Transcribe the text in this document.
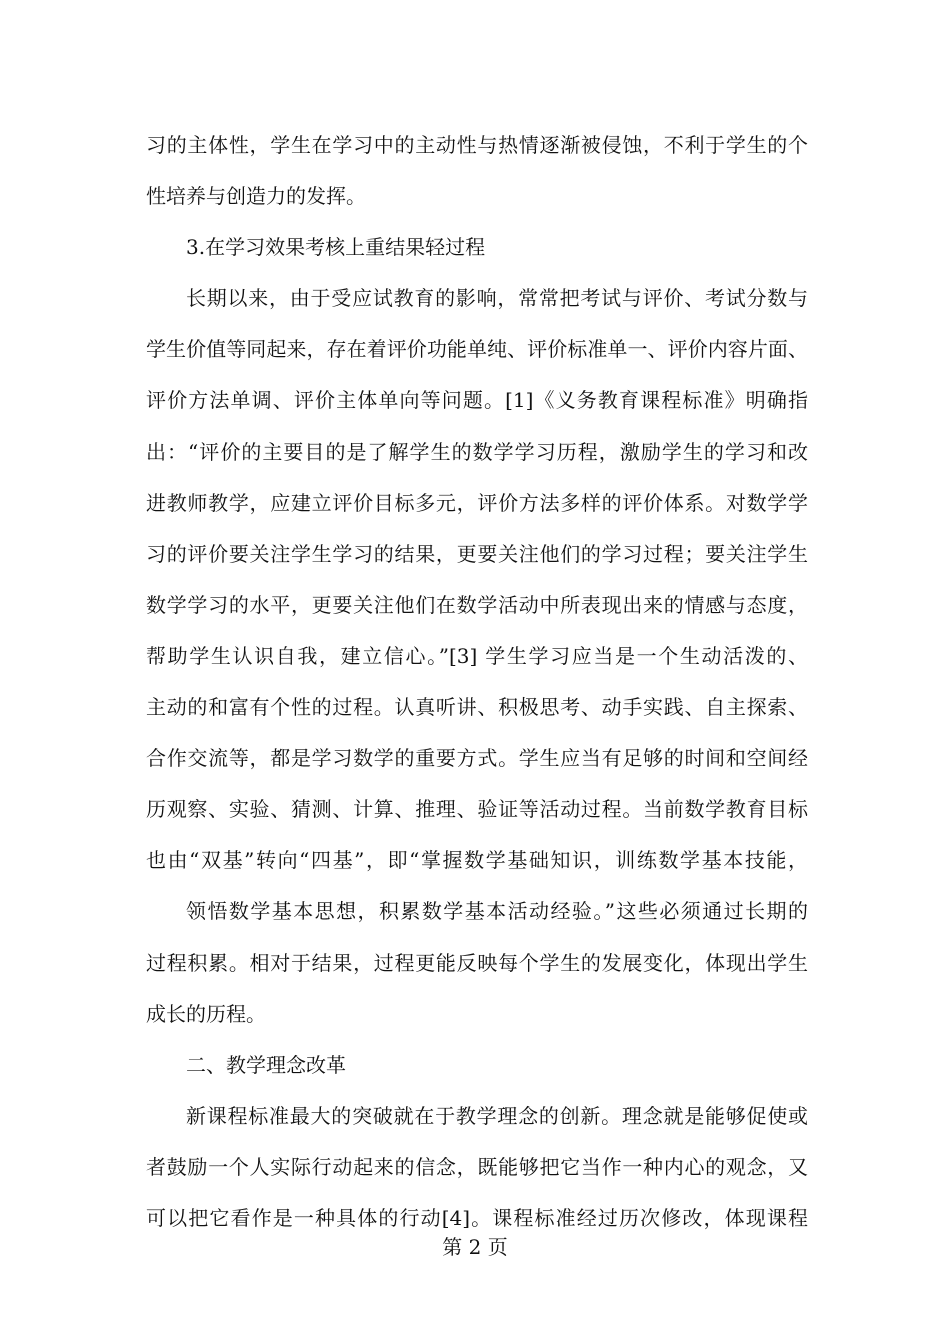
习的主体性，学生在学习中的主动性与热情逐渐被侵蚀，不利于学生的个
性培养与创造力的发挥。
3.在学习效果考核上重结果轻过程
长期以来，由于受应试教育的影响，常常把考试与评价、考试分数与
学生价值等同起来，存在着评价功能单纯、评价标准单一、评价内容片面、
评价方法单调、评价主体单向等问题。[1]《义务教育课程标准》明确指
出：“评价的主要目的是了解学生的数学学习历程，激励学生的学习和改
进教师教学，应建立评价目标多元，评价方法多样的评价体系。对数学学
习的评价要关注学生学习的结果，更要关注他们的学习过程；要关注学生
数学学习的水平，更要关注他们在数学活动中所表现出来的情感与态度，
帮助学生认识自我，建立信心。”[3] 学生学习应当是一个生动活泼的、
主动的和富有个性的过程。认真听讲、积极思考、动手实践、自主探索、
合作交流等，都是学习数学的重要方式。学生应当有足够的时间和空间经
历观察、实验、猜测、计算、推理、验证等活动过程。当前数学教育目标
也由“双基”转向“四基”，即“掌握数学基础知识，训练数学基本技能，
领悟数学基本思想，积累数学基本活动经验。”这些必须通过长期的
过程积累。相对于结果，过程更能反映每个学生的发展变化，体现出学生
成长的历程。
二、教学理念改革
新课程标准最大的突破就在于教学理念的创新。理念就是能够促使或
者鼓励一个人实际行动起来的信念，既能够把它当作一种内心的观念，又
可以把它看作是一种具体的行动[4]。课程标准经过历次修改，体现课程
第 2 页
